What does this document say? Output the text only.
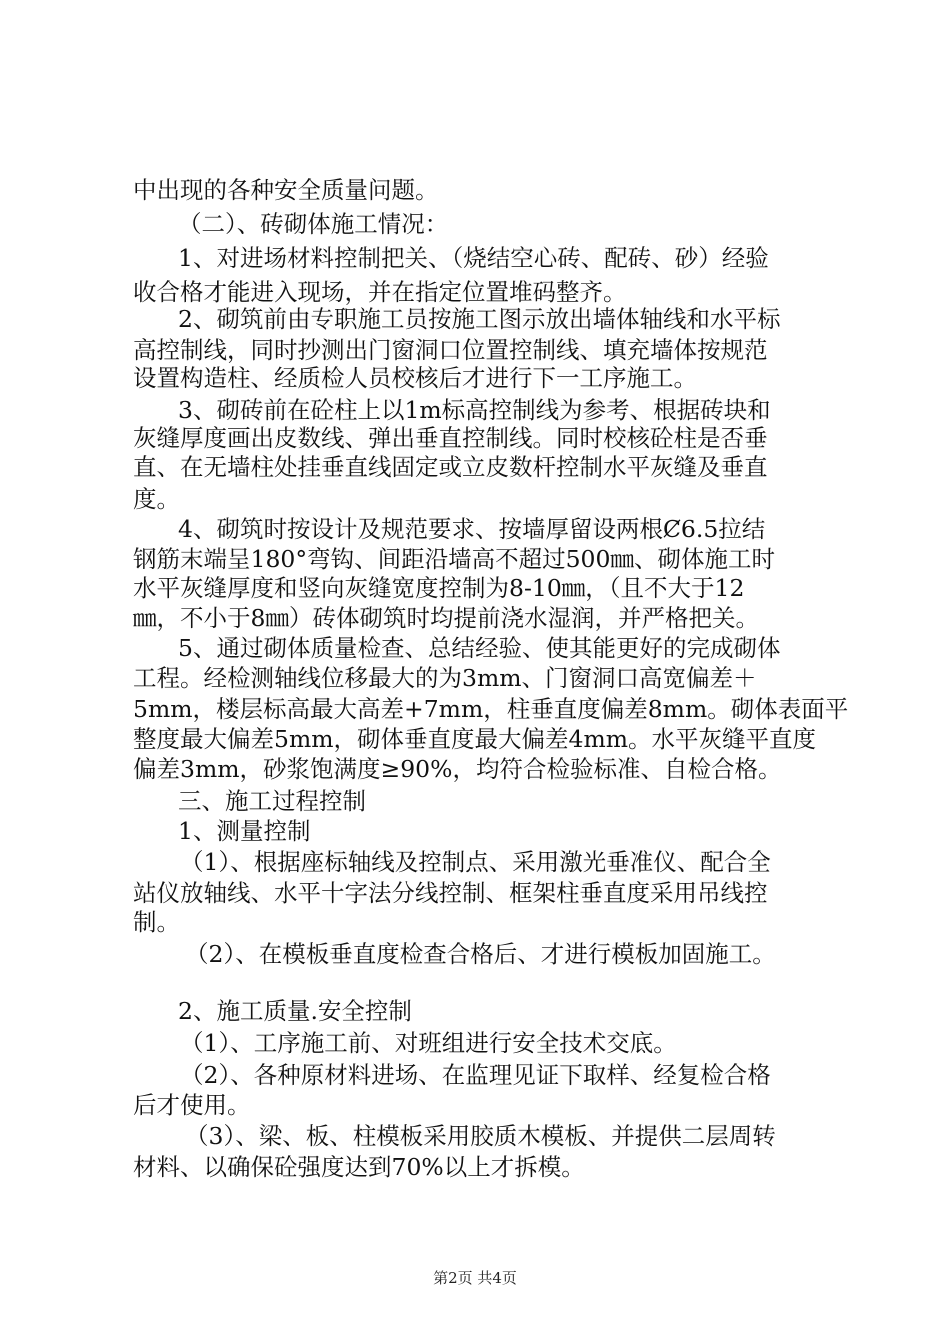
中出现的各种安全质量问题。
（二）、砖砌体施工情况：
1、对进场材料控制把关、（烧结空心砖、配砖、砂）经验
收合格才能进入现场，并在指定位置堆码整齐。
2、砌筑前由专职施工员按施工图示放出墙体轴线和水平标
高控制线，同时抄测出门窗洞口位置控制线、填充墙体按规范
设置构造柱、经质检人员校核后才进行下一工序施工。
3、砌砖前在砼柱上以1m标高控制线为参考、根据砖块和
灰缝厚度画出皮数线、弹出垂直控制线。同时校核砼柱是否垂
直、在无墙柱处挂垂直线固定或立皮数杆控制水平灰缝及垂直
度。
4、砌筑时按设计及规范要求、按墙厚留设两根Ȼ6.5拉结
钢筋末端呈180°弯钩、间距沿墙高不超过500㎜、砌体施工时
水平灰缝厚度和竖向灰缝宽度控制为8-10㎜，（且不大于12
㎜，不小于8㎜）砖体砌筑时均提前浇水湿润，并严格把关。
5、通过砌体质量检查、总结经验、使其能更好的完成砌体
工程。经检测轴线位移最大的为3mm、门窗洞口高宽偏差＋
5mm，楼层标高最大高差+7mm，柱垂直度偏差8mm。砌体表面平
整度最大偏差5mm，砌体垂直度最大偏差4mm。水平灰缝平直度
偏差3mm，砂浆饱满度≥90%，均符合检验标准、自检合格。
三、施工过程控制
1、测量控制
（1）、根据座标轴线及控制点、采用激光垂准仪、配合全
站仪放轴线、水平十字法分线控制、框架柱垂直度采用吊线控
制。
（2）、在模板垂直度检查合格后、才进行模板加固施工。
2、施工质量.安全控制
（1）、工序施工前、对班组进行安全技术交底。
（2）、各种原材料进场、在监理见证下取样、经复检合格
后才使用。
（3）、梁、板、柱模板采用胶质木模板、并提供二层周转
材料、以确保砼强度达到70%以上才拆模。
第2页 共4页
